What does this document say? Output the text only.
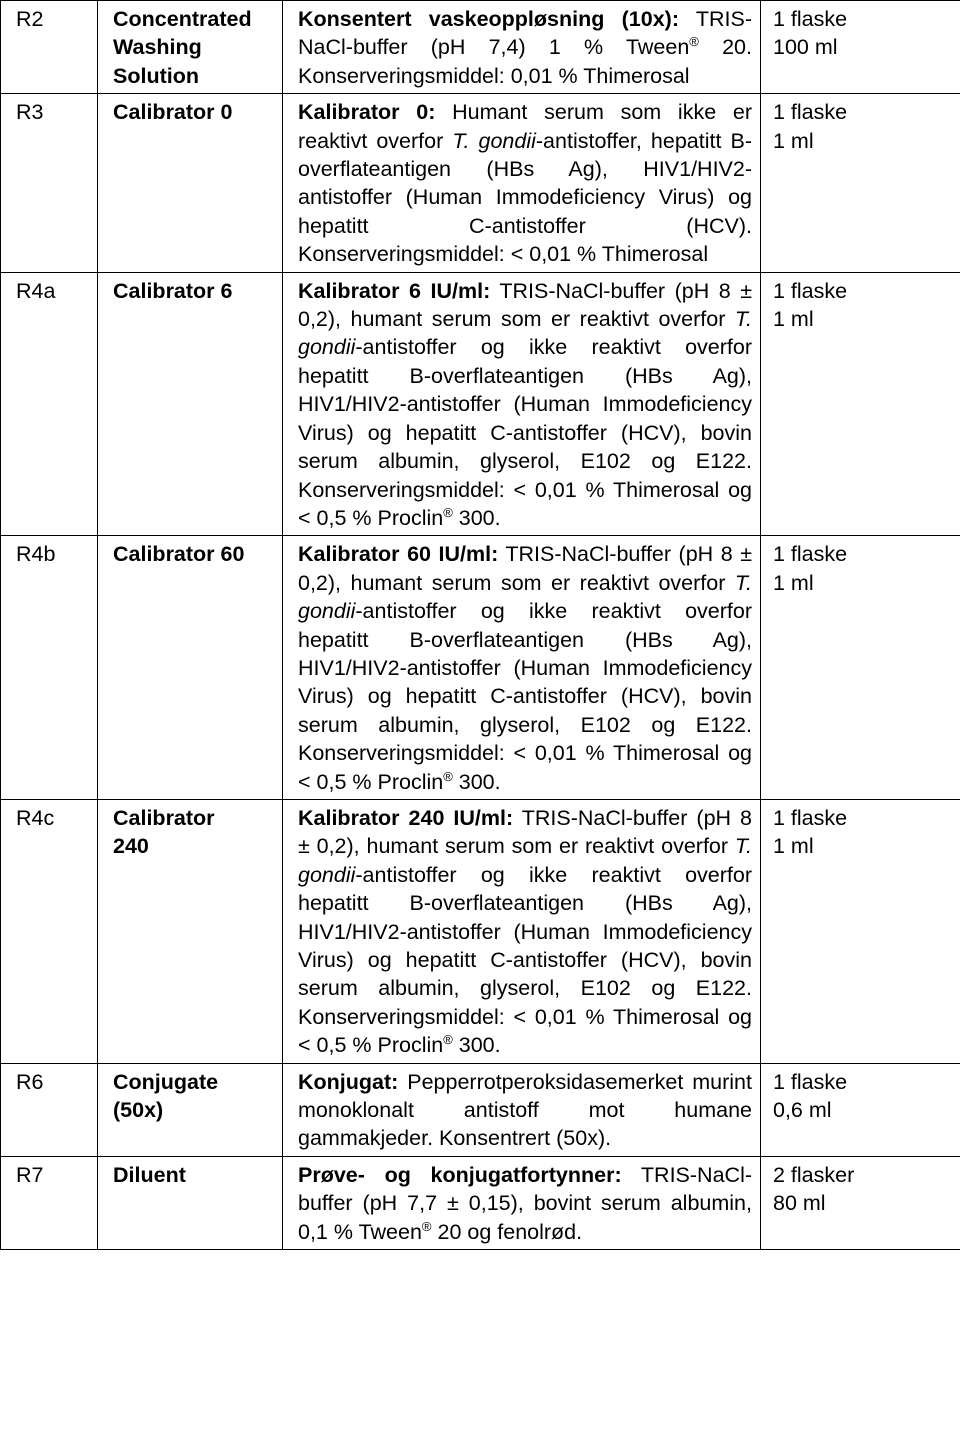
R2	Concentrated
Washing
Solution	Konsentert vaskeoppløsning (10x): TRIS-NaCl-buffer (pH 7,4) 1 % Tween® 20. Konserveringsmiddel: 0,01 % Thimerosal	1 flaske
100 ml

R3	Calibrator 0	Kalibrator 0: Humant serum som ikke er reaktivt overfor T. gondii-antistoffer, hepatitt B-overflateantigen (HBs Ag), HIV1/HIV2-antistoffer (Human Immodeficiency Virus) og hepatitt C-antistoffer (HCV). Konserveringsmiddel: < 0,01 % Thimerosal	1 flaske
1 ml

R4a	Calibrator 6	Kalibrator 6 IU/ml: TRIS-NaCl-buffer (pH 8 ± 0,2), humant serum som er reaktivt overfor T. gondii-antistoffer og ikke reaktivt overfor hepatitt B-overflateantigen (HBs Ag), HIV1/HIV2-antistoffer (Human Immodeficiency Virus) og hepatitt C-antistoffer (HCV), bovin serum albumin, glyserol, E102 og E122. Konserveringsmiddel: < 0,01 % Thimerosal og < 0,5 % Proclin® 300.	1 flaske
1 ml

R4b	Calibrator 60	Kalibrator 60 IU/ml: TRIS-NaCl-buffer (pH 8 ± 0,2), humant serum som er reaktivt overfor T. gondii-antistoffer og ikke reaktivt overfor hepatitt B-overflateantigen (HBs Ag), HIV1/HIV2-antistoffer (Human Immodeficiency Virus) og hepatitt C-antistoffer (HCV), bovin serum albumin, glyserol, E102 og E122. Konserveringsmiddel: < 0,01 % Thimerosal og < 0,5 % Proclin® 300.	1 flaske
1 ml

R4c	Calibrator
240	Kalibrator 240 IU/ml: TRIS-NaCl-buffer (pH 8 ± 0,2), humant serum som er reaktivt overfor T. gondii-antistoffer og ikke reaktivt overfor hepatitt B-overflateantigen (HBs Ag), HIV1/HIV2-antistoffer (Human Immodeficiency Virus) og hepatitt C-antistoffer (HCV), bovin serum albumin, glyserol, E102 og E122. Konserveringsmiddel: < 0,01 % Thimerosal og < 0,5 % Proclin® 300.	1 flaske
1 ml

R6	Conjugate
(50x)	Konjugat: Pepperrotperoksidasemerket murint monoklonalt antistoff mot humane gammakjeder. Konsentrert (50x).	1 flaske
0,6 ml

R7	Diluent	Prøve- og konjugatfortynner: TRIS-NaCl-buffer (pH 7,7 ± 0,15), bovint serum albumin, 0,1 % Tween® 20 og fenolrød.	2 flasker
80 ml
